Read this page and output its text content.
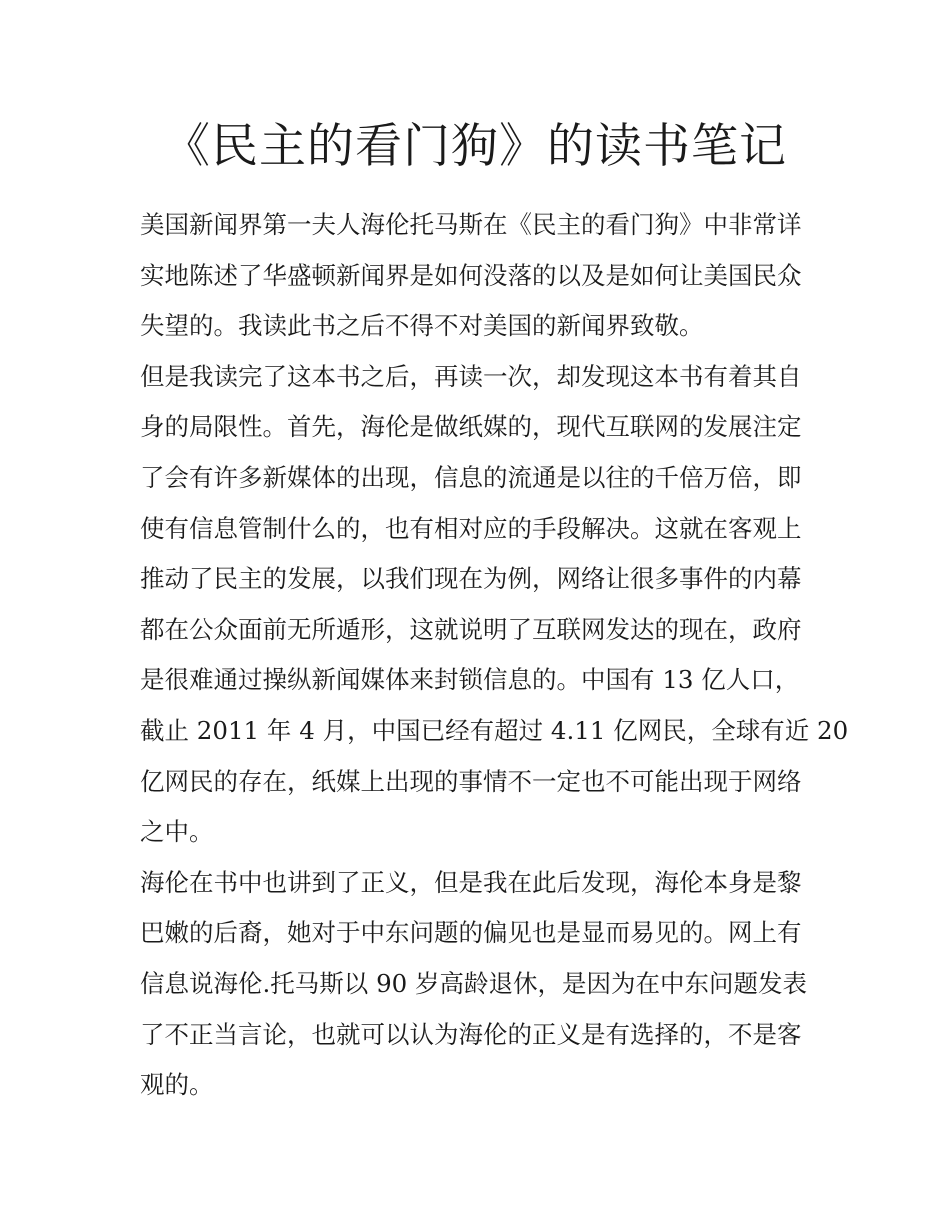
《民主的看门狗》的读书笔记

美国新闻界第一夫人海伦托马斯在《民主的看门狗》中非常详
实地陈述了华盛顿新闻界是如何没落的以及是如何让美国民众
失望的。我读此书之后不得不对美国的新闻界致敬。

但是我读完了这本书之后，再读一次，却发现这本书有着其自
身的局限性。首先，海伦是做纸媒的，现代互联网的发展注定
了会有许多新媒体的出现，信息的流通是以往的千倍万倍，即
使有信息管制什么的，也有相对应的手段解决。这就在客观上
推动了民主的发展，以我们现在为例，网络让很多事件的内幕
都在公众面前无所遁形，这就说明了互联网发达的现在，政府
是很难通过操纵新闻媒体来封锁信息的。中国有 13 亿人口，
截止 2011 年 4 月，中国已经有超过 4.11 亿网民，全球有近 20
亿网民的存在，纸媒上出现的事情不一定也不可能出现于网络
之中。

海伦在书中也讲到了正义，但是我在此后发现，海伦本身是黎
巴嫩的后裔，她对于中东问题的偏见也是显而易见的。网上有
信息说海伦.托马斯以 90 岁高龄退休，是因为在中东问题发表
了不正当言论，也就可以认为海伦的正义是有选择的，不是客
观的。
